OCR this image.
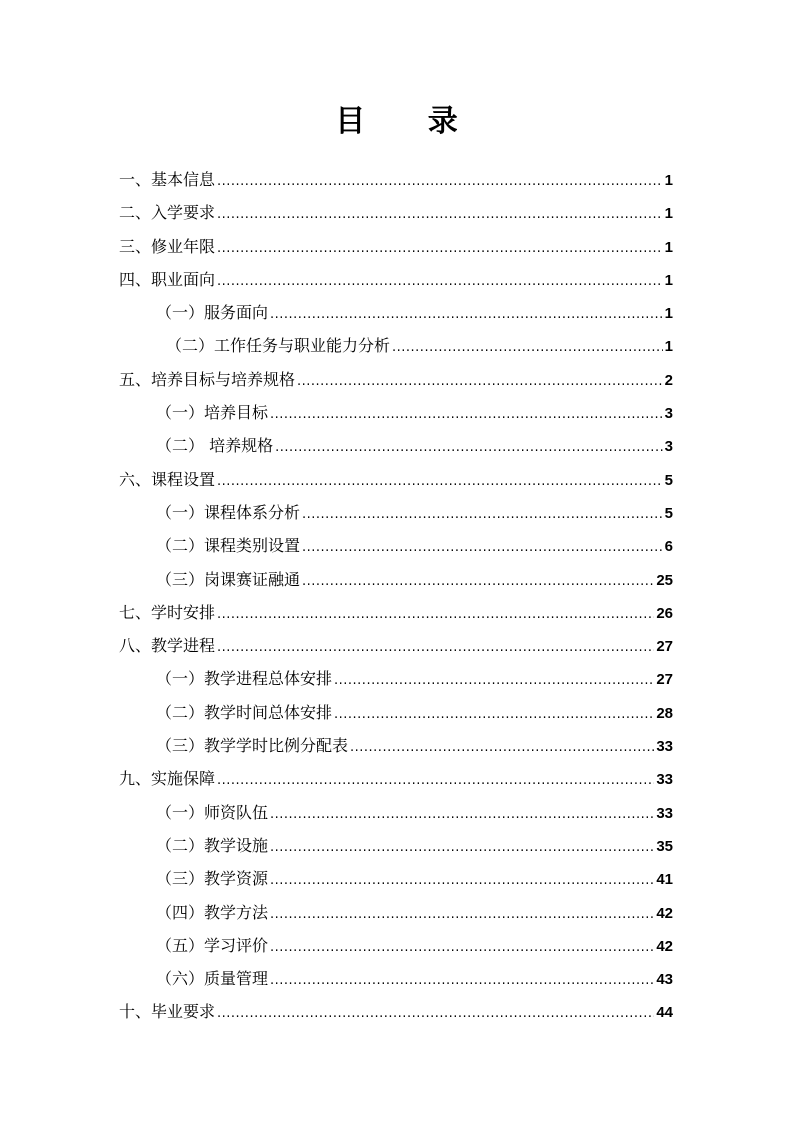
目 录
一、基本信息 .....	1
二、入学要求 .....	1
三、修业年限 .....	1
四、职业面向 .....	1
（一）服务面向 .....	1
（二）工作任务与职业能力分析 .....	1
五、培养目标与培养规格 .....	2
（一）培养目标 .....	3
（二） 培养规格 .....	3
六、课程设置 .....	5
（一）课程体系分析 .....	5
（二）课程类别设置 .....	6
（三）岗课赛证融通 .....	25
七、学时安排 .....	26
八、教学进程 .....	27
（一）教学进程总体安排 .....	27
（二）教学时间总体安排 .....	28
（三）教学学时比例分配表 .....	33
九、实施保障 .....	33
（一）师资队伍 .....	33
（二）教学设施 .....	35
（三）教学资源 .....	41
（四）教学方法 .....	42
（五）学习评价 .....	42
（六）质量管理 .....	43
十、毕业要求 .....	44
